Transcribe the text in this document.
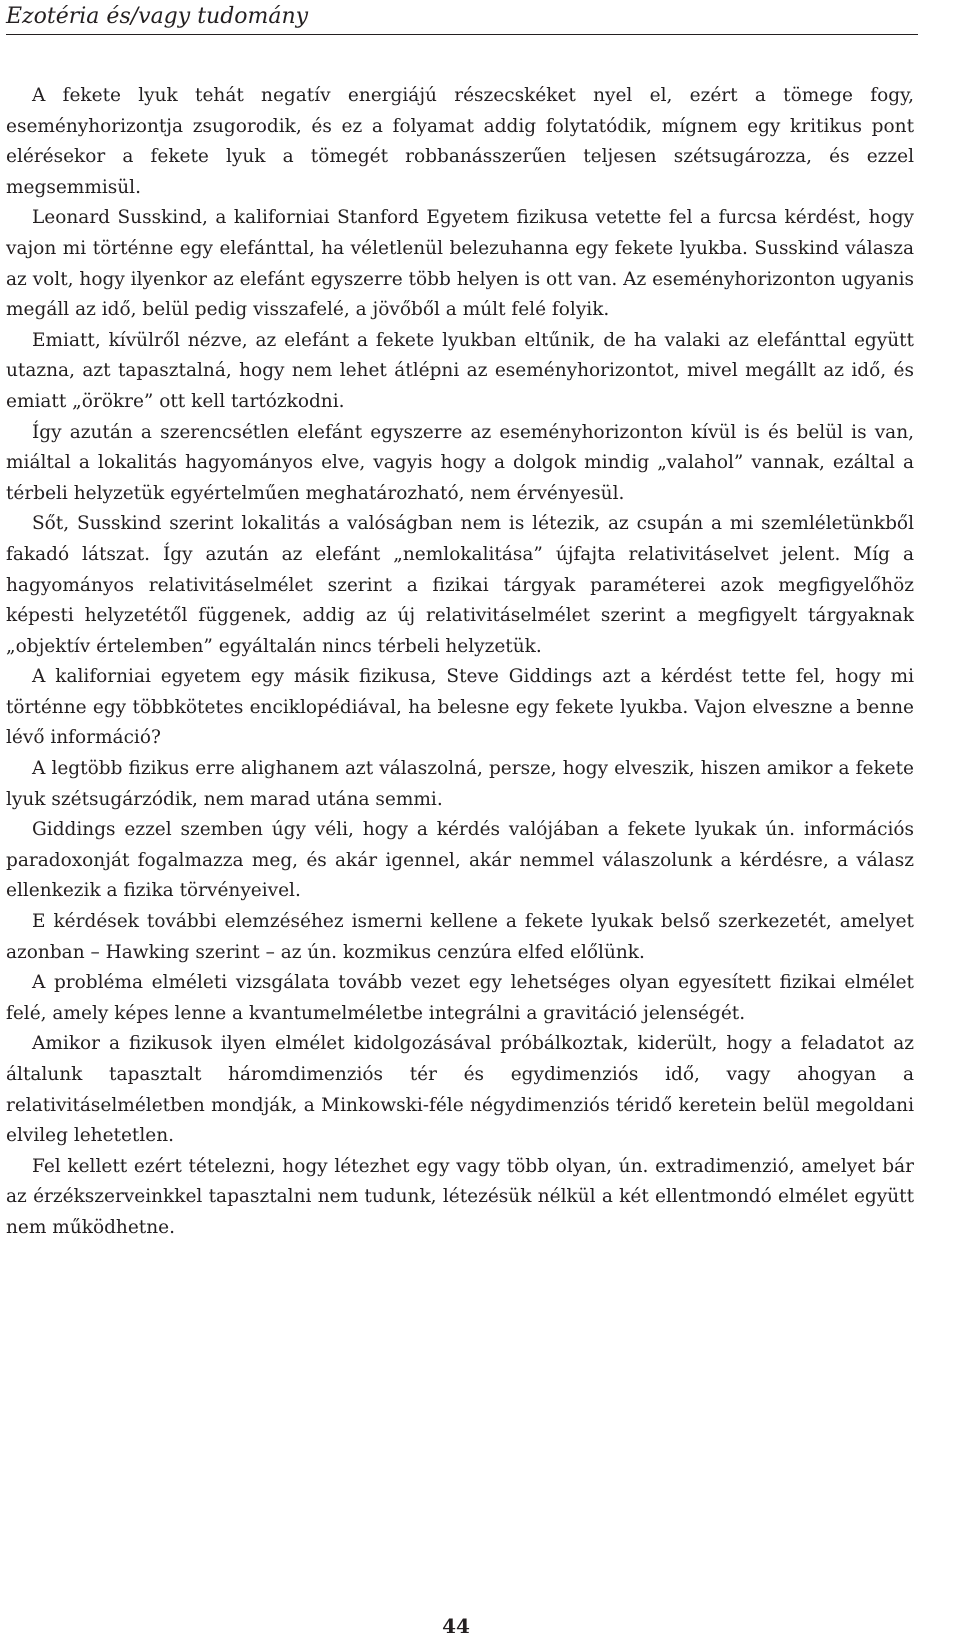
Ezotéria és/vagy tudomány

A fekete lyuk tehát negatív energiájú részecskéket nyel el, ezért a tömege fogy, eseményhorizontja zsugorodik, és ez a folyamat addig folytatódik, mígnem egy kritikus pont elérésekor a fekete lyuk a tömegét robbanásszerűen teljesen szétsugározza, és ezzel megsemmisül.

Leonard Susskind, a kaliforniai Stanford Egyetem fizikusa vetette fel a furcsa kérdést, hogy vajon mi történne egy elefánttal, ha véletlenül belezuhanna egy fekete lyukba. Susskind válasza az volt, hogy ilyenkor az elefánt egyszerre több helyen is ott van. Az eseményhorizonton ugyanis megáll az idő, belül pedig visszafelé, a jövőből a múlt felé folyik.

Emiatt, kívülről nézve, az elefánt a fekete lyukban eltűnik, de ha valaki az elefánttal együtt utazna, azt tapasztalná, hogy nem lehet átlépni az eseményhorizontot, mivel megállt az idő, és emiatt „örökre” ott kell tartózkodni.

Így azután a szerencsétlen elefánt egyszerre az eseményhorizonton kívül is és belül is van, miáltal a lokalitás hagyományos elve, vagyis hogy a dolgok mindig „valahol” vannak, ezáltal a térbeli helyzetük egyértelműen meghatározható, nem érvényesül.

Sőt, Susskind szerint lokalitás a valóságban nem is létezik, az csupán a mi szemléletünkből fakadó látszat. Így azután az elefánt „nemlokalitása” újfajta relativitáselvet jelent. Míg a hagyományos relativitáselmélet szerint a fizikai tárgyak paraméterei azok megfigyelőhöz képesti helyzetétől függenek, addig az új relativitáselmélet szerint a megfigyelt tárgyaknak „objektív értelemben” egyáltalán nincs térbeli helyzetük.

A kaliforniai egyetem egy másik fizikusa, Steve Giddings azt a kérdést tette fel, hogy mi történne egy többkötetes enciklopédiával, ha belesne egy fekete lyukba. Vajon elveszne a benne lévő információ?

A legtöbb fizikus erre alighanem azt válaszolná, persze, hogy elveszik, hiszen amikor a fekete lyuk szétsugárzódik, nem marad utána semmi.

Giddings ezzel szemben úgy véli, hogy a kérdés valójában a fekete lyukak ún. információs paradoxonját fogalmazza meg, és akár igennel, akár nemmel válaszolunk a kérdésre, a válasz ellenkezik a fizika törvényeivel.

E kérdések további elemzéséhez ismerni kellene a fekete lyukak belső szerkezetét, amelyet azonban – Hawking szerint – az ún. kozmikus cenzúra elfed előlünk.

A probléma elméleti vizsgálata tovább vezet egy lehetséges olyan egyesített fizikai elmélet felé, amely képes lenne a kvantumelméletbe integrálni a gravitáció jelenségét.

Amikor a fizikusok ilyen elmélet kidolgozásával próbálkoztak, kiderült, hogy a feladatot az általunk tapasztalt háromdimenziós tér és egydimenziós idő, vagy ahogyan a relativitáselméletben mondják, a Minkowski-féle négydimenziós téridő keretein belül megoldani elvileg lehetetlen.

Fel kellett ezért tételezni, hogy létezhet egy vagy több olyan, ún. extradimenzió, amelyet bár az érzékszerveinkkel tapasztalni nem tudunk, létezésük nélkül a két ellentmondó elmélet együtt nem működhetne.

44
